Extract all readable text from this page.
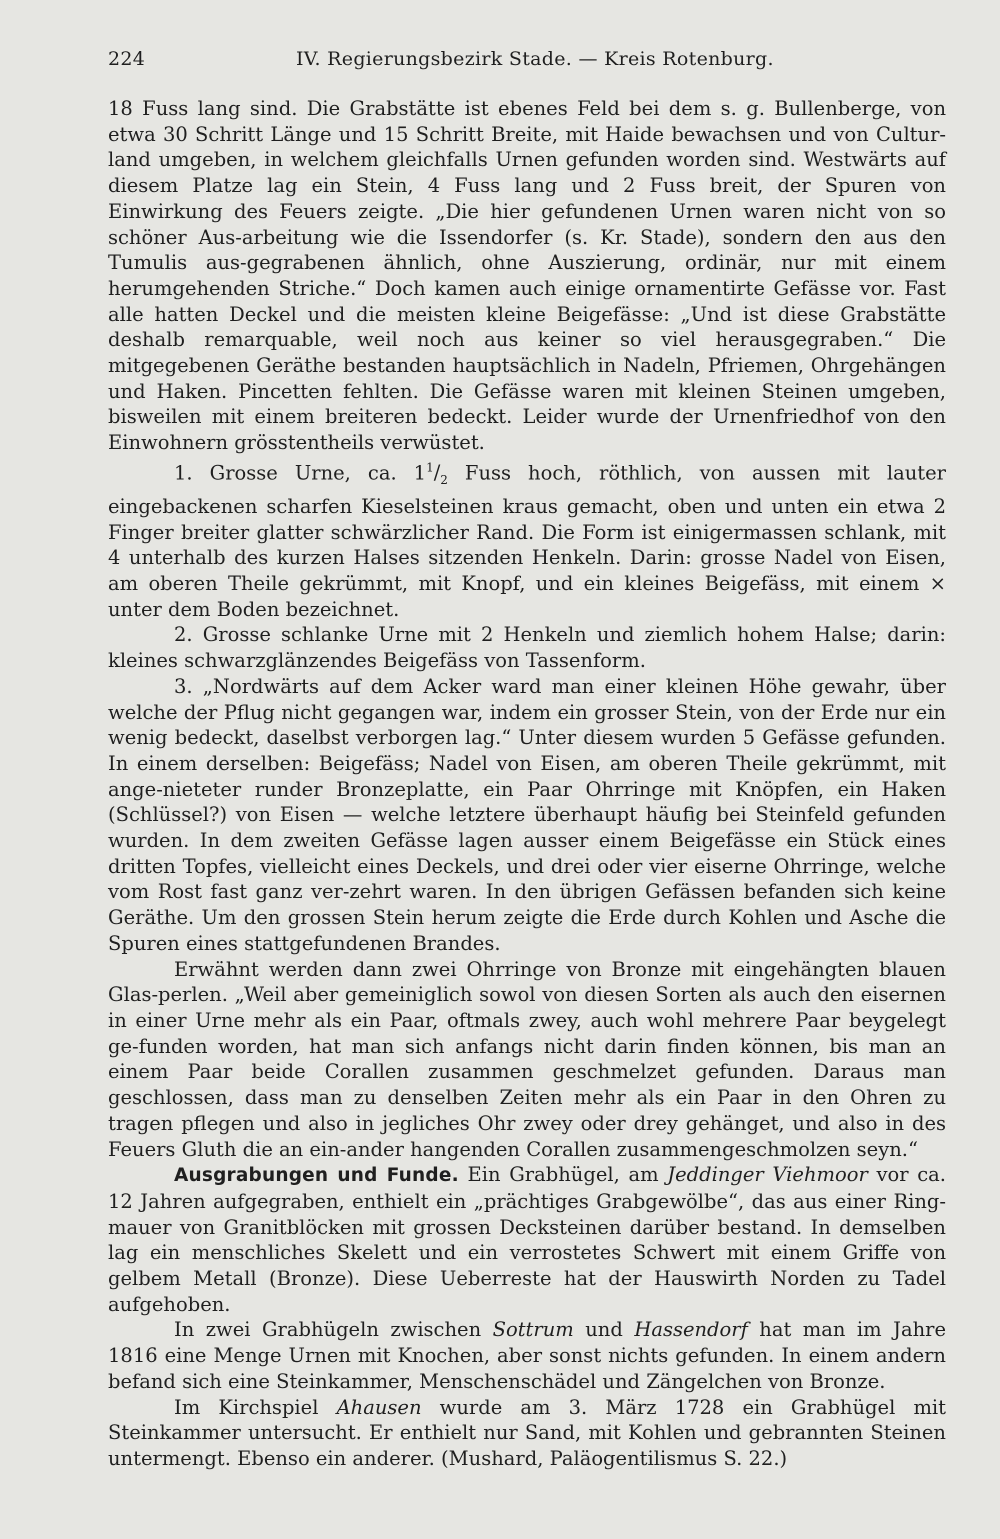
224	IV. Regierungsbezirk Stade. — Kreis Rotenburg.

18 Fuss lang sind. Die Grabstätte ist ebenes Feld bei dem s. g. Bullenberge, von etwa 30 Schritt Länge und 15 Schritt Breite, mit Haide bewachsen und von Cultur-land umgeben, in welchem gleichfalls Urnen gefunden worden sind. Westwärts auf diesem Platze lag ein Stein, 4 Fuss lang und 2 Fuss breit, der Spuren von Einwirkung des Feuers zeigte. „Die hier gefundenen Urnen waren nicht von so schöner Aus-arbeitung wie die Issendorfer (s. Kr. Stade), sondern den aus den Tumulis aus-gegrabenen ähnlich, ohne Auszierung, ordinär, nur mit einem herumgehenden Striche.“ Doch kamen auch einige ornamentirte Gefässe vor. Fast alle hatten Deckel und die meisten kleine Beigefässe: „Und ist diese Grabstätte deshalb remarquable, weil noch aus keiner so viel herausgegraben.“ Die mitgegebenen Geräthe bestanden hauptsächlich in Nadeln, Pfriemen, Ohrgehängen und Haken. Pincetten fehlten. Die Gefässe waren mit kleinen Steinen umgeben, bisweilen mit einem breiteren bedeckt. Leider wurde der Urnenfriedhof von den Einwohnern grösstentheils verwüstet.

1. Grosse Urne, ca. $1^1/_2$ Fuss hoch, röthlich, von aussen mit lauter eingebackenen scharfen Kieselsteinen kraus gemacht, oben und unten ein etwa 2 Finger breiter glatter schwärzlicher Rand. Die Form ist einigermassen schlank, mit 4 unterhalb des kurzen Halses sitzenden Henkeln. Darin: grosse Nadel von Eisen, am oberen Theile gekrümmt, mit Knopf, und ein kleines Beigefäss, mit einem × unter dem Boden bezeichnet.

2. Grosse schlanke Urne mit 2 Henkeln und ziemlich hohem Halse; darin: kleines schwarzglänzendes Beigefäss von Tassenform.

3. „Nordwärts auf dem Acker ward man einer kleinen Höhe gewahr, über welche der Pflug nicht gegangen war, indem ein grosser Stein, von der Erde nur ein wenig bedeckt, daselbst verborgen lag.“ Unter diesem wurden 5 Gefässe gefunden. In einem derselben: Beigefäss; Nadel von Eisen, am oberen Theile gekrümmt, mit ange-nieteter runder Bronzeplatte, ein Paar Ohrringe mit Knöpfen, ein Haken (Schlüssel?) von Eisen — welche letztere überhaupt häufig bei Steinfeld gefunden wurden. In dem zweiten Gefässe lagen ausser einem Beigefässe ein Stück eines dritten Topfes, vielleicht eines Deckels, und drei oder vier eiserne Ohrringe, welche vom Rost fast ganz ver-zehrt waren. In den übrigen Gefässen befanden sich keine Geräthe. Um den grossen Stein herum zeigte die Erde durch Kohlen und Asche die Spuren eines stattgefundenen Brandes.

Erwähnt werden dann zwei Ohrringe von Bronze mit eingehängten blauen Glas-perlen. „Weil aber gemeiniglich sowol von diesen Sorten als auch den eisernen in einer Urne mehr als ein Paar, oftmals zwey, auch wohl mehrere Paar beygelegt ge-funden worden, hat man sich anfangs nicht darin finden können, bis man an einem Paar beide Corallen zusammen geschmelzet gefunden. Daraus man geschlossen, dass man zu denselben Zeiten mehr als ein Paar in den Ohren zu tragen pflegen und also in jegliches Ohr zwey oder drey gehänget, und also in des Feuers Gluth die an ein-ander hangenden Corallen zusammengeschmolzen seyn.“

Ausgrabungen und Funde. Ein Grabhügel, am Jeddinger Viehmoor vor ca. 12 Jahren aufgegraben, enthielt ein „prächtiges Grabgewölbe“, das aus einer Ring-mauer von Granitblöcken mit grossen Decksteinen darüber bestand. In demselben lag ein menschliches Skelett und ein verrostetes Schwert mit einem Griffe von gelbem Metall (Bronze). Diese Ueberreste hat der Hauswirth Norden zu Tadel aufgehoben.

In zwei Grabhügeln zwischen Sottrum und Hassendorf hat man im Jahre 1816 eine Menge Urnen mit Knochen, aber sonst nichts gefunden. In einem andern befand sich eine Steinkammer, Menschenschädel und Zängelchen von Bronze.

Im Kirchspiel Ahausen wurde am 3. März 1728 ein Grabhügel mit Steinkammer untersucht. Er enthielt nur Sand, mit Kohlen und gebrannten Steinen untermengt. Ebenso ein anderer. (Mushard, Paläogentilismus S. 22.)
